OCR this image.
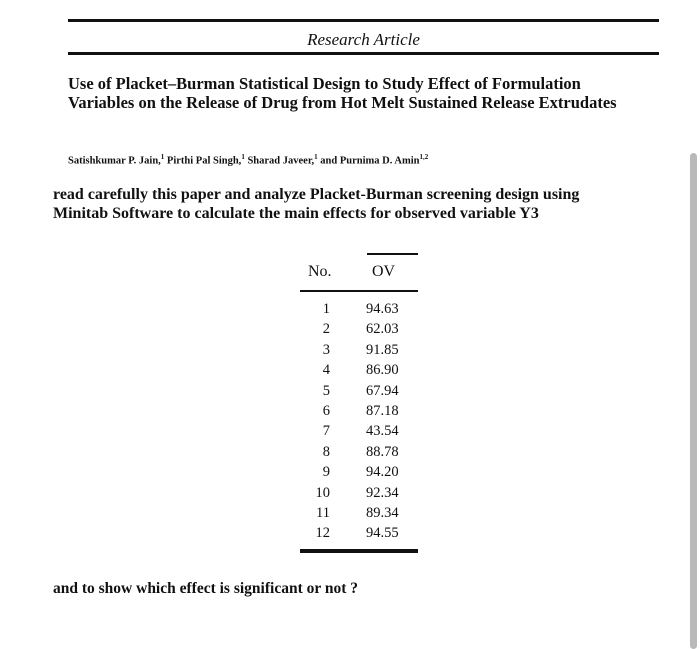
Research Article
Use of Placket–Burman Statistical Design to Study Effect of Formulation
Variables on the Release of Drug from Hot Melt Sustained Release Extrudates
Satishkumar P. Jain,$^1$ Pirthi Pal Singh,$^1$ Sharad Javeer,$^1$ and Purnima D. Amin$^{1,2}$
read carefully this paper and analyze Placket-Burman screening design using
Minitab Software to calculate the main effects for observed variable Y3
No.	OV
1 94.63
2 62.03
3 91.85
4 86.90
5 67.94
6 87.18
7 43.54
8 88.78
9 94.20
10 92.34
11 89.34
12 94.55
and to show which effect is significant or not ?
